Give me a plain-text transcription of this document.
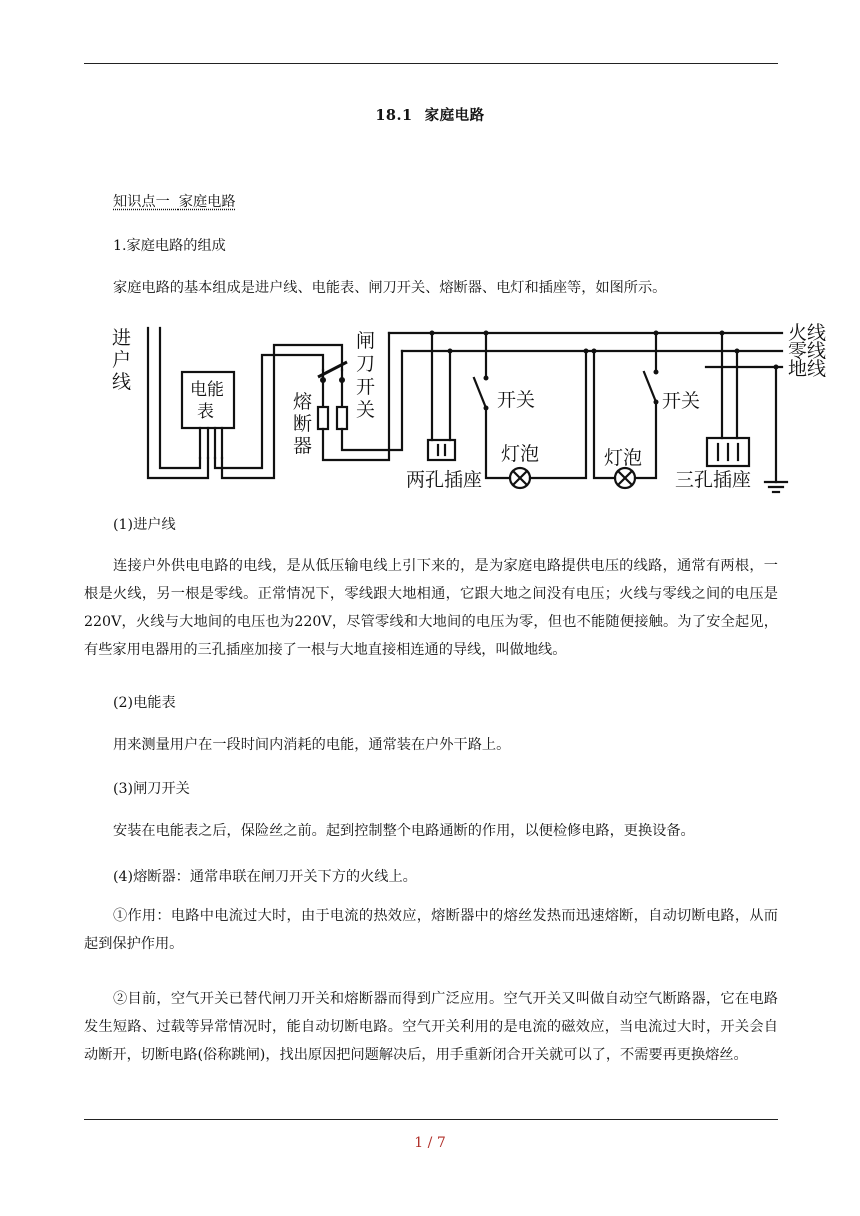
18.1 家庭电路
知识点一 家庭电路
1.家庭电路的组成

家庭电路的基本组成是进户线、电能表、闸刀开关、熔断器、电灯和插座等，如图所示。

进
户
线	电能
表
闸
刀
开
关
熔
断
器
火线
零线
地线
开关	开关
灯泡	灯泡
两孔插座	三孔插座
(1)进户线

连接户外供电电路的电线，是从低压输电线上引下来的，是为家庭电路提供电压的线路，通常有两根，一根是火线，另一根是零线。正常情况下，零线跟大地相通，它跟大地之间没有电压；火线与零线之间的电压是220V，火线与大地间的电压也为220V，尽管零线和大地间的电压为零，但也不能随便接触。为了安全起见，有些家用电器用的三孔插座加接了一根与大地直接相连通的导线，叫做地线。

(2)电能表

用来测量用户在一段时间内消耗的电能，通常装在户外干路上。

(3)闸刀开关

安装在电能表之后，保险丝之前。起到控制整个电路通断的作用，以便检修电路，更换设备。

(4)熔断器：通常串联在闸刀开关下方的火线上。

①作用：电路中电流过大时，由于电流的热效应，熔断器中的熔丝发热而迅速熔断，自动切断电路，从而起到保护作用。

②目前，空气开关已替代闸刀开关和熔断器而得到广泛应用。空气开关又叫做自动空气断路器，它在电路发生短路、过载等异常情况时，能自动切断电路。空气开关利用的是电流的磁效应，当电流过大时，开关会自动断开，切断电路(俗称跳闸)，找出原因把问题解决后，用手重新闭合开关就可以了，不需要再更换熔丝。

1 / 7
